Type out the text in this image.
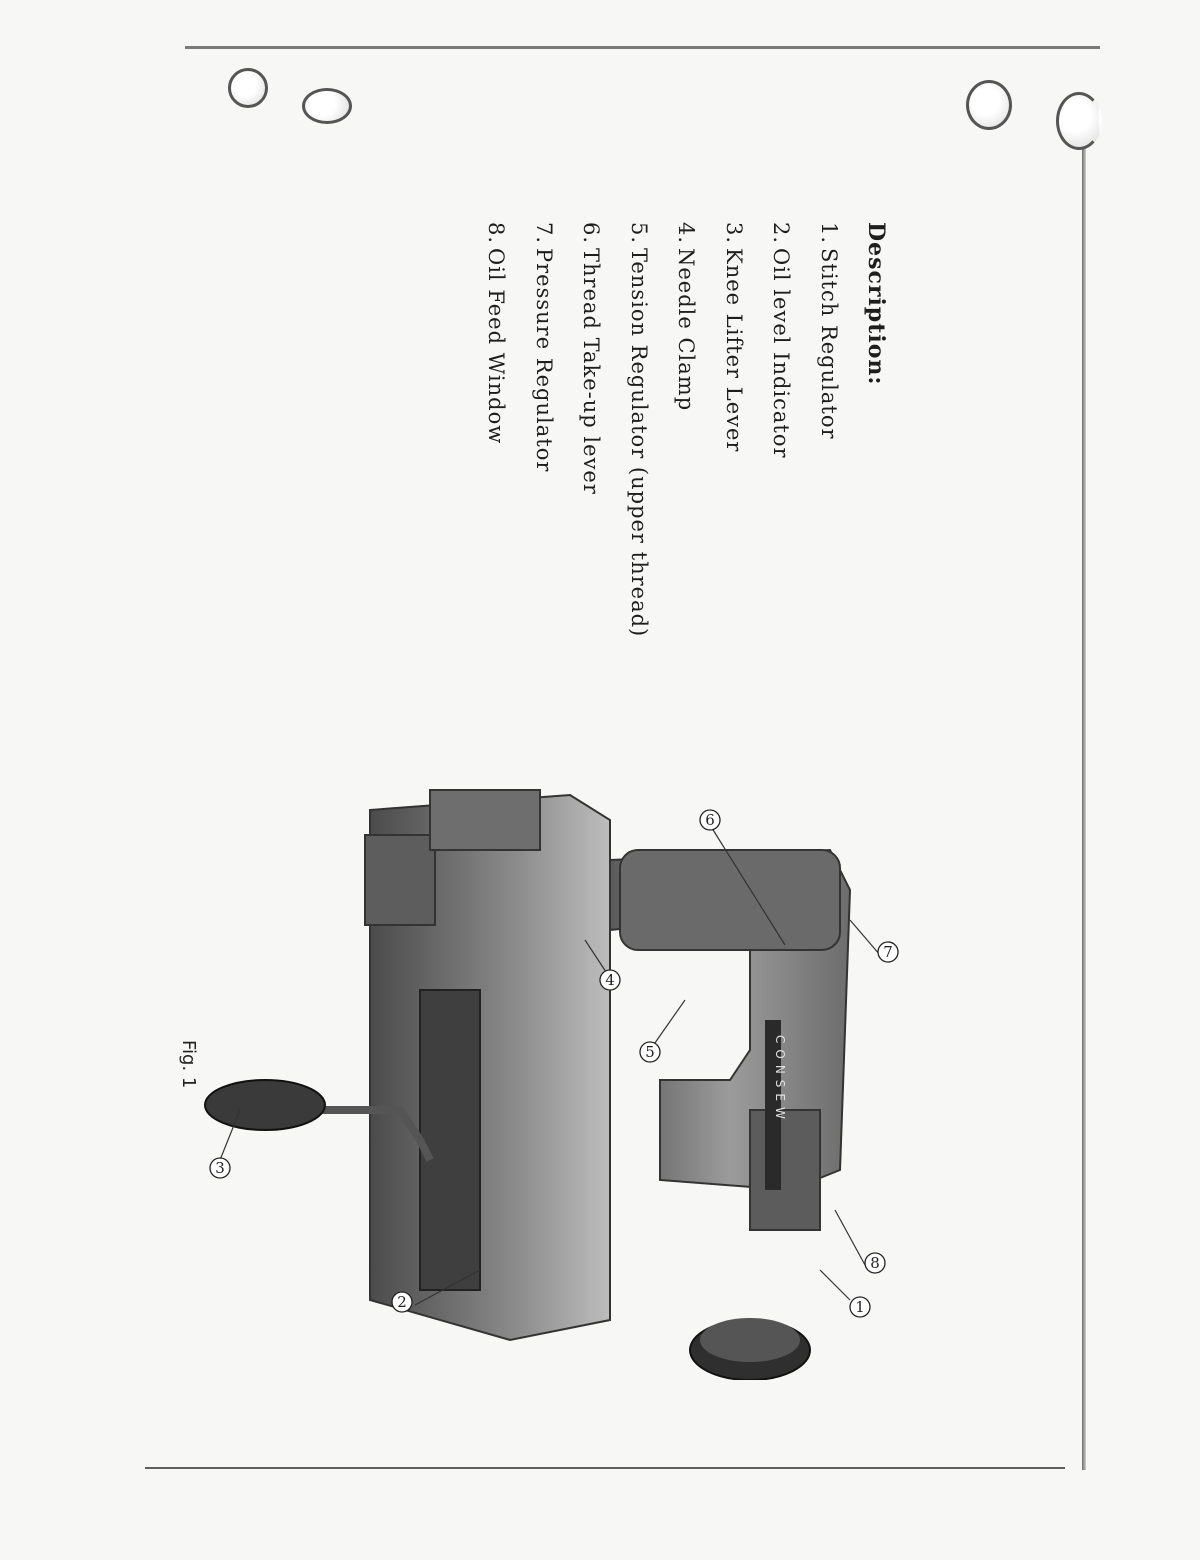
Description:
1.Stitch Regulator
2.Oil level Indicator
3.Knee Lifter Lever
4.Needle Clamp
5.Tension Regulator (upper thread)
6.Thread Take-up lever
7.Pressure Regulator
8.Oil Feed Window
CONSEW
1
2
3
4
5
6
7
8
Fig. 1
